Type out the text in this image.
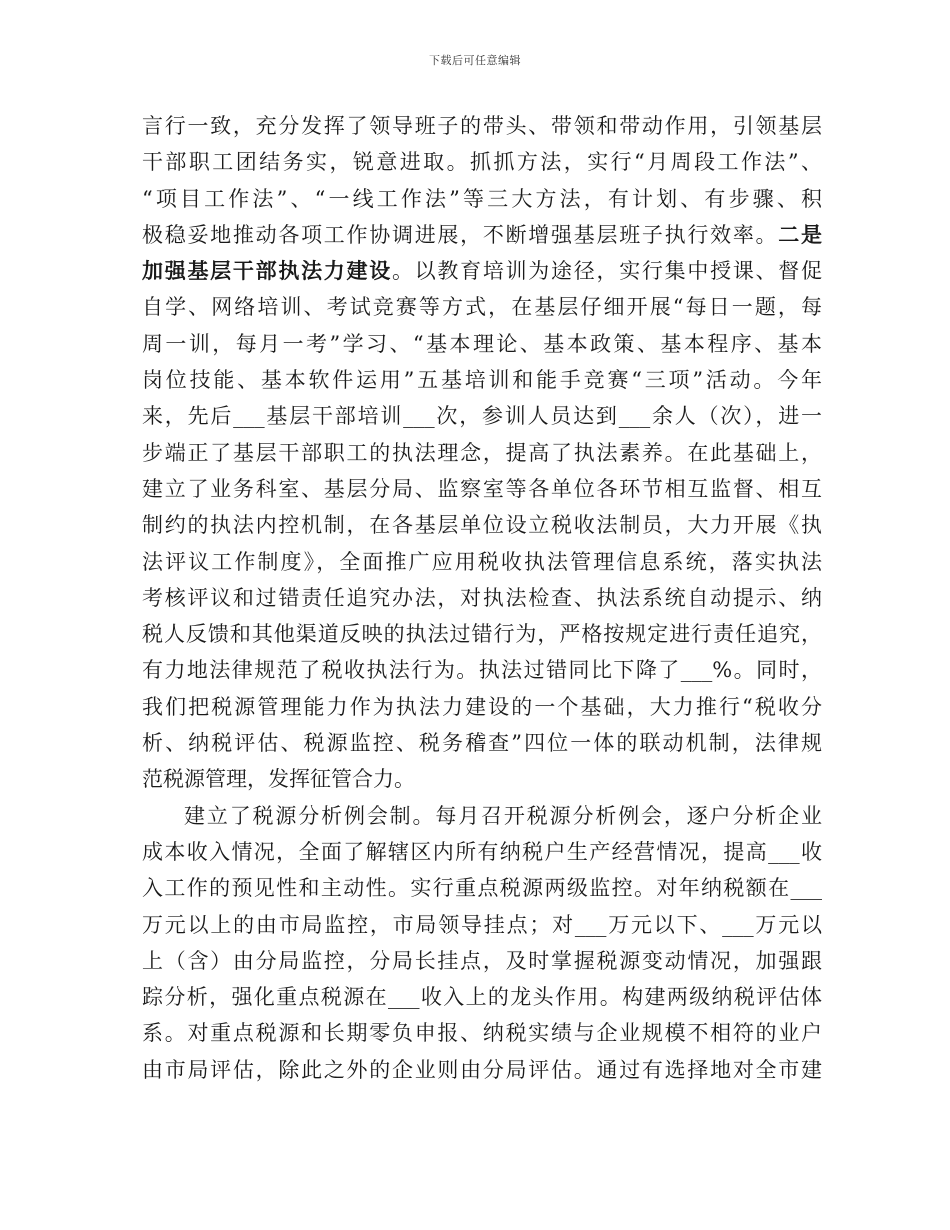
下载后可任意编辑
言行一致，充分发挥了领导班子的带头、带领和带动作用，引领基层
干部职工团结务实，锐意进取。抓抓方法，实行“月周段工作法”、
“项目工作法”、“一线工作法”等三大方法，有计划、有步骤、积
极稳妥地推动各项工作协调进展，不断增强基层班子执行效率。二是
加强基层干部执法力建设。以教育培训为途径，实行集中授课、督促
自学、网络培训、考试竞赛等方式，在基层仔细开展“每日一题，每
周一训，每月一考”学习、“基本理论、基本政策、基本程序、基本
岗位技能、基本软件运用”五基培训和能手竞赛“三项”活动。今年
来，先后___基层干部培训___次，参训人员达到___余人（次），进一
步端正了基层干部职工的执法理念，提高了执法素养。在此基础上，
建立了业务科室、基层分局、监察室等各单位各环节相互监督、相互
制约的执法内控机制，在各基层单位设立税收法制员，大力开展《执
法评议工作制度》，全面推广应用税收执法管理信息系统，落实执法
考核评议和过错责任追究办法，对执法检查、执法系统自动提示、纳
税人反馈和其他渠道反映的执法过错行为，严格按规定进行责任追究，
有力地法律规范了税收执法行为。执法过错同比下降了___%。同时，
我们把税源管理能力作为执法力建设的一个基础，大力推行“税收分
析、纳税评估、税源监控、税务稽查”四位一体的联动机制，法律规
范税源管理，发挥征管合力。
建立了税源分析例会制。每月召开税源分析例会，逐户分析企业
成本收入情况，全面了解辖区内所有纳税户生产经营情况，提高___收
入工作的预见性和主动性。实行重点税源两级监控。对年纳税额在___
万元以上的由市局监控，市局领导挂点；对___万元以下、___万元以
上（含）由分局监控，分局长挂点，及时掌握税源变动情况，加强跟
踪分析，强化重点税源在___收入上的龙头作用。构建两级纳税评估体
系。对重点税源和长期零负申报、纳税实绩与企业规模不相符的业户
由市局评估，除此之外的企业则由分局评估。通过有选择地对全市建
